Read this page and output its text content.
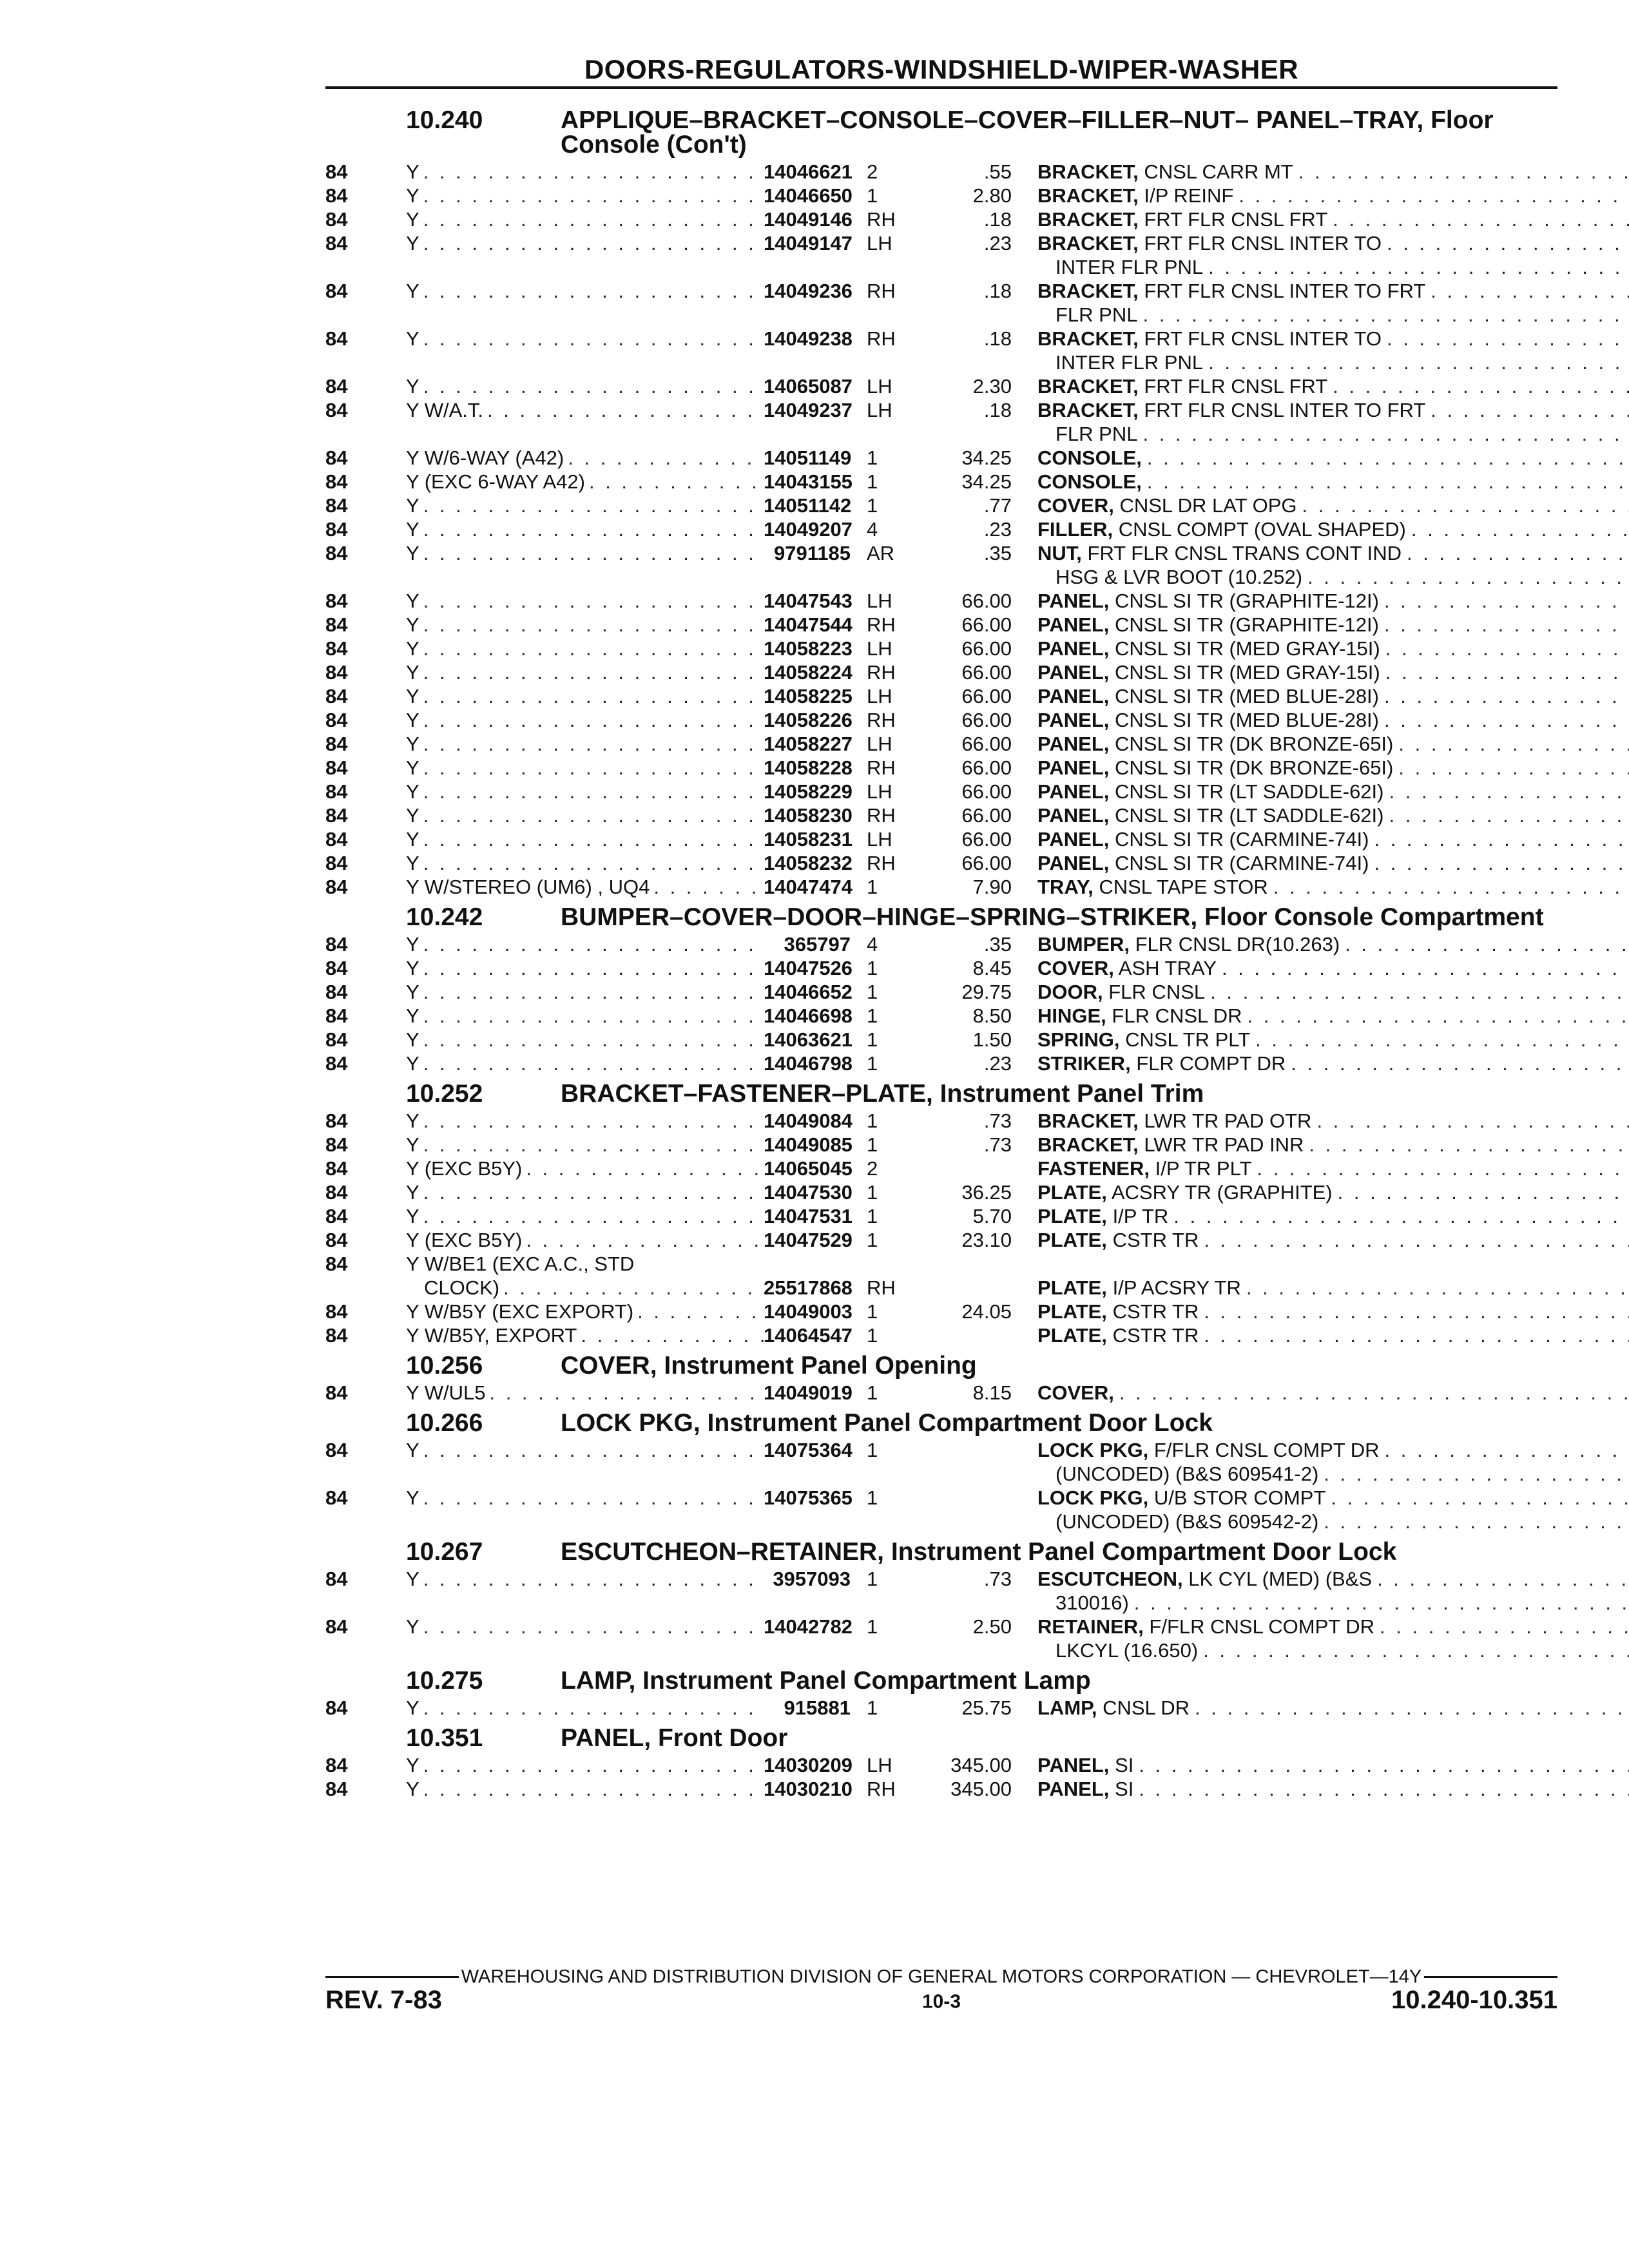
DOORS-REGULATORS-WINDSHIELD-WIPER-WASHER
10.240	APPLIQUE–BRACKET–CONSOLE–COVER–FILLER–NUT– PANEL–TRAY, Floor Console (Con't)
84	Y . . .	14046621 2	.55 BRACKET, CNSL CARR MT
. . .
84	Y . . .	14046650 1	2.80 BRACKET, I/P REINF
. . .
84	Y . . .	14049146 RH	.18 BRACKET, FRT FLR CNSL FRT
. . .
84	Y . . .	14049147 LH	.23 BRACKET, FRT FLR CNSL INTER TO
. . .
INTER FLR PNL
. . .
84	Y . . .	14049236 RH	.18 BRACKET, FRT FLR CNSL INTER TO FRT
. . .
FLR PNL
. . .
84	Y . . .	14049238 RH	.18 BRACKET, FRT FLR CNSL INTER TO
. . .
INTER FLR PNL
. . .
84	Y . . .	14065087 LH	2.30 BRACKET, FRT FLR CNSL FRT
. . .
84	Y W/A.T. . . .	14049237 LH	.18 BRACKET, FRT FLR CNSL INTER TO FRT
. . .
FLR PNL
. . .
84	Y W/6-WAY (A42) . . .	14051149 1	34.25 CONSOLE,
. . .
84	Y (EXC 6-WAY A42) . . .	14043155 1	34.25 CONSOLE,
. . .
84	Y . . .	14051142 1	.77 COVER, CNSL DR LAT OPG
. . .
84	Y . . .	14049207 4	.23 FILLER, CNSL COMPT (OVAL SHAPED)
. . .
84	Y . . .	9791185 AR	.35 NUT, FRT FLR CNSL TRANS CONT IND
. . .
HSG & LVR BOOT (10.252)
. . .
84	Y . . .	14047543 LH	66.00 PANEL, CNSL SI TR (GRAPHITE-12I)
. . .
84	Y . . .	14047544 RH	66.00 PANEL, CNSL SI TR (GRAPHITE-12I)
. . .
84	Y . . .	14058223 LH	66.00 PANEL, CNSL SI TR (MED GRAY-15I)
. . .
84	Y . . .	14058224 RH	66.00 PANEL, CNSL SI TR (MED GRAY-15I)
. . .
84	Y . . .	14058225 LH	66.00 PANEL, CNSL SI TR (MED BLUE-28I)
. . .
84	Y . . .	14058226 RH	66.00 PANEL, CNSL SI TR (MED BLUE-28I)
. . .
84	Y . . .	14058227 LH	66.00 PANEL, CNSL SI TR (DK BRONZE-65I)
. . .
84	Y . . .	14058228 RH	66.00 PANEL, CNSL SI TR (DK BRONZE-65I)
. . .
84	Y . . .	14058229 LH	66.00 PANEL, CNSL SI TR (LT SADDLE-62I)
. . .
84	Y . . .	14058230 RH	66.00 PANEL, CNSL SI TR (LT SADDLE-62I)
. . .
84	Y . . .	14058231 LH	66.00 PANEL, CNSL SI TR (CARMINE-74I)
. . .
84	Y . . .	14058232 RH	66.00 PANEL, CNSL SI TR (CARMINE-74I)
. . .
84	Y W/STEREO (UM6) , UQ4 . . .	14047474 1	7.90 TRAY, CNSL TAPE STOR
. . .
10.242	BUMPER–COVER–DOOR–HINGE–SPRING–STRIKER, Floor Console Compartment
84	Y . . .	365797 4	.35 BUMPER, FLR CNSL DR(10.263)
. . .
84	Y . . .	14047526 1	8.45 COVER, ASH TRAY
. . .
84	Y . . .	14046652 1	29.75 DOOR, FLR CNSL
. . .
84	Y . . .	14046698 1	8.50 HINGE, FLR CNSL DR
. . .
84	Y . . .	14063621 1	1.50 SPRING, CNSL TR PLT
. . .
84	Y . . .	14046798 1	.23 STRIKER, FLR COMPT DR
. . .
10.252	BRACKET–FASTENER–PLATE, Instrument Panel Trim
84	Y . . .	14049084 1	.73 BRACKET, LWR TR PAD OTR
. . .
84	Y . . .	14049085 1	.73 BRACKET, LWR TR PAD INR
. . .
84	Y (EXC B5Y) . . .	14065045 2	FASTENER, I/P TR PLT
. . .
84	Y . . .	14047530 1	36.25 PLATE, ACSRY TR (GRAPHITE)
. . .
84	Y . . .	14047531 1	5.70 PLATE, I/P TR
. . .
84	Y (EXC B5Y) . . .	14047529 1	23.10 PLATE, CSTR TR
. . .
84	Y W/BE1 (EXC A.C., STD
CLOCK) . . .	25517868 RH	PLATE, I/P ACSRY TR
. . .
84	Y W/B5Y (EXC EXPORT) . . .	14049003 1	24.05 PLATE, CSTR TR
. . .
84	Y W/B5Y, EXPORT . . .	14064547 1	PLATE, CSTR TR
. . .
10.256	COVER, Instrument Panel Opening
84	Y W/UL5 . . .	14049019 1	8.15 COVER,
. . .
10.266	LOCK PKG, Instrument Panel Compartment Door Lock
84	Y . . .	14075364 1	LOCK PKG, F/FLR CNSL COMPT DR
. . .
(UNCODED) (B&S 609541-2)
. . .
84	Y . . .	14075365 1	LOCK PKG, U/B STOR COMPT
. . .
(UNCODED) (B&S 609542-2)
. . .
10.267	ESCUTCHEON–RETAINER, Instrument Panel Compartment Door Lock
84	Y . . .	3957093 1	.73 ESCUTCHEON, LK CYL (MED) (B&S
. . .
310016)
. . .
84	Y . . .	14042782 1	2.50 RETAINER, F/FLR CNSL COMPT DR
. . .
LKCYL (16.650)
. . .
10.275	LAMP, Instrument Panel Compartment Lamp
84	Y . . .	915881 1	25.75 LAMP, CNSL DR
. . .
10.351	PANEL, Front Door
84	Y . . .	14030209 LH	345.00 PANEL, SI
. . .
84	Y . . .	14030210 RH	345.00 PANEL, SI
. . .
WAREHOUSING AND DISTRIBUTION DIVISION OF GENERAL MOTORS CORPORATION — CHEVROLET—14Y
REV. 7-83	10-3	10.240-10.351
